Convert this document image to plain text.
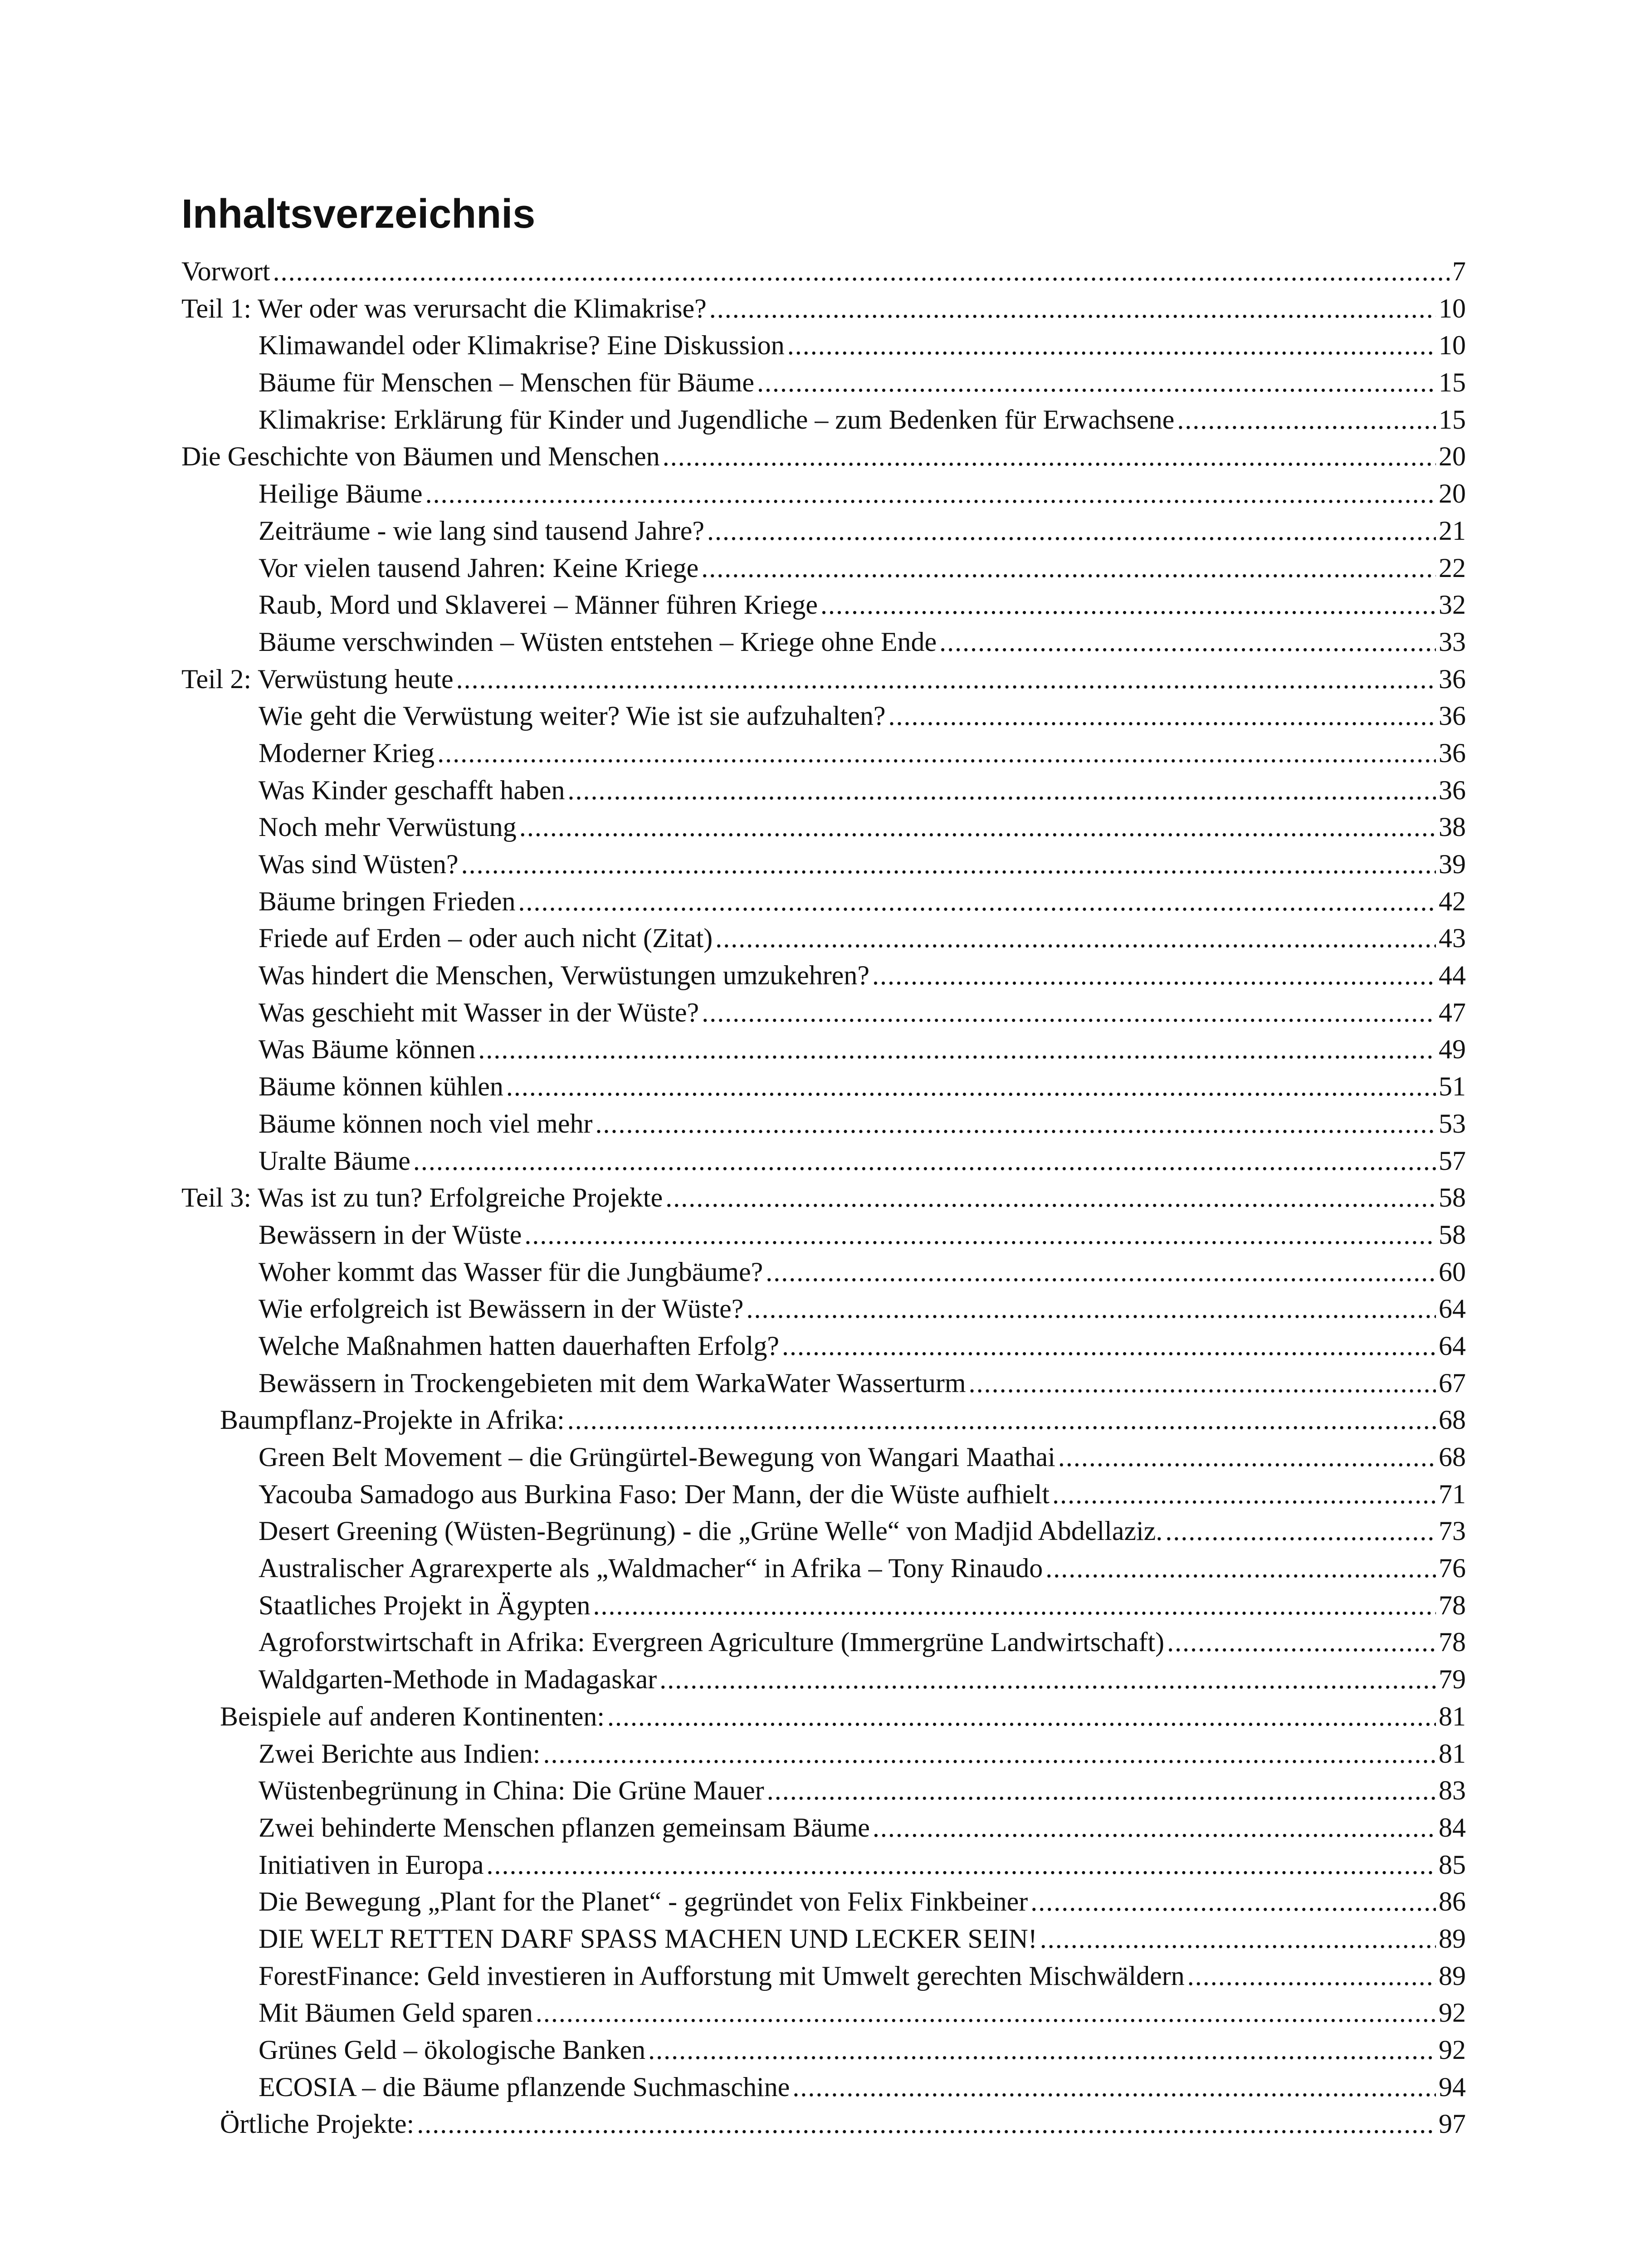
Inhaltsverzeichnis
Vorwort .....	7
Teil 1: Wer oder was verursacht die Klimakrise? .....	10
Klimawandel oder Klimakrise? Eine Diskussion .....	10
Bäume für Menschen – Menschen für Bäume .....	15
Klimakrise: Erklärung für Kinder und Jugendliche – zum Bedenken für Erwachsene .....	15
Die Geschichte von Bäumen und Menschen .....	20
Heilige Bäume .....	20
Zeiträume - wie lang sind tausend Jahre? .....	21
Vor vielen tausend Jahren: Keine Kriege .....	22
Raub, Mord und Sklaverei – Männer führen Kriege .....	32
Bäume verschwinden – Wüsten entstehen – Kriege ohne Ende .....	33
Teil 2: Verwüstung heute .....	36
Wie geht die Verwüstung weiter? Wie ist sie aufzuhalten? .....	36
Moderner Krieg .....	36
Was Kinder geschafft haben .....	36
Noch mehr Verwüstung .....	38
Was sind Wüsten? .....	39
Bäume bringen Frieden .....	42
Friede auf Erden – oder auch nicht (Zitat) .....	43
Was hindert die Menschen, Verwüstungen umzukehren? .....	44
Was geschieht mit Wasser in der Wüste? .....	47
Was Bäume können .....	49
Bäume können kühlen .....	51
Bäume können noch viel mehr .....	53
Uralte Bäume .....	57
Teil 3: Was ist zu tun? Erfolgreiche Projekte .....	58
Bewässern in der Wüste .....	58
Woher kommt das Wasser für die Jungbäume? .....	60
Wie erfolgreich ist Bewässern in der Wüste? .....	64
Welche Maßnahmen hatten dauerhaften Erfolg? .....	64
Bewässern in Trockengebieten mit dem WarkaWater Wasserturm .....	67
Baumpflanz-Projekte in Afrika: .....	68
Green Belt Movement – die Grüngürtel-Bewegung von Wangari Maathai .....	68
Yacouba Samadogo aus Burkina Faso: Der Mann, der die Wüste aufhielt .....	71
Desert Greening (Wüsten-Begrünung) - die „Grüne Welle“ von Madjid Abdellaziz. .....	73
Australischer Agrarexperte als „Waldmacher“ in Afrika – Tony Rinaudo .....	76
Staatliches Projekt in Ägypten .....	78
Agroforstwirtschaft in Afrika: Evergreen Agriculture (Immergrüne Landwirtschaft) .....	78
Waldgarten-Methode in Madagaskar .....	79
Beispiele auf anderen Kontinenten: .....	81
Zwei Berichte aus Indien: .....	81
Wüstenbegrünung in China: Die Grüne Mauer .....	83
Zwei behinderte Menschen pflanzen gemeinsam Bäume .....	84
Initiativen in Europa .....	85
Die Bewegung „Plant for the Planet“ - gegründet von Felix Finkbeiner .....	86
DIE WELT RETTEN DARF SPASS MACHEN UND LECKER SEIN! .....	89
ForestFinance: Geld investieren in Aufforstung mit Umwelt gerechten Mischwäldern .....	89
Mit Bäumen Geld sparen .....	92
Grünes Geld – ökologische Banken .....	92
ECOSIA – die Bäume pflanzende Suchmaschine .....	94
Örtliche Projekte: .....	97
